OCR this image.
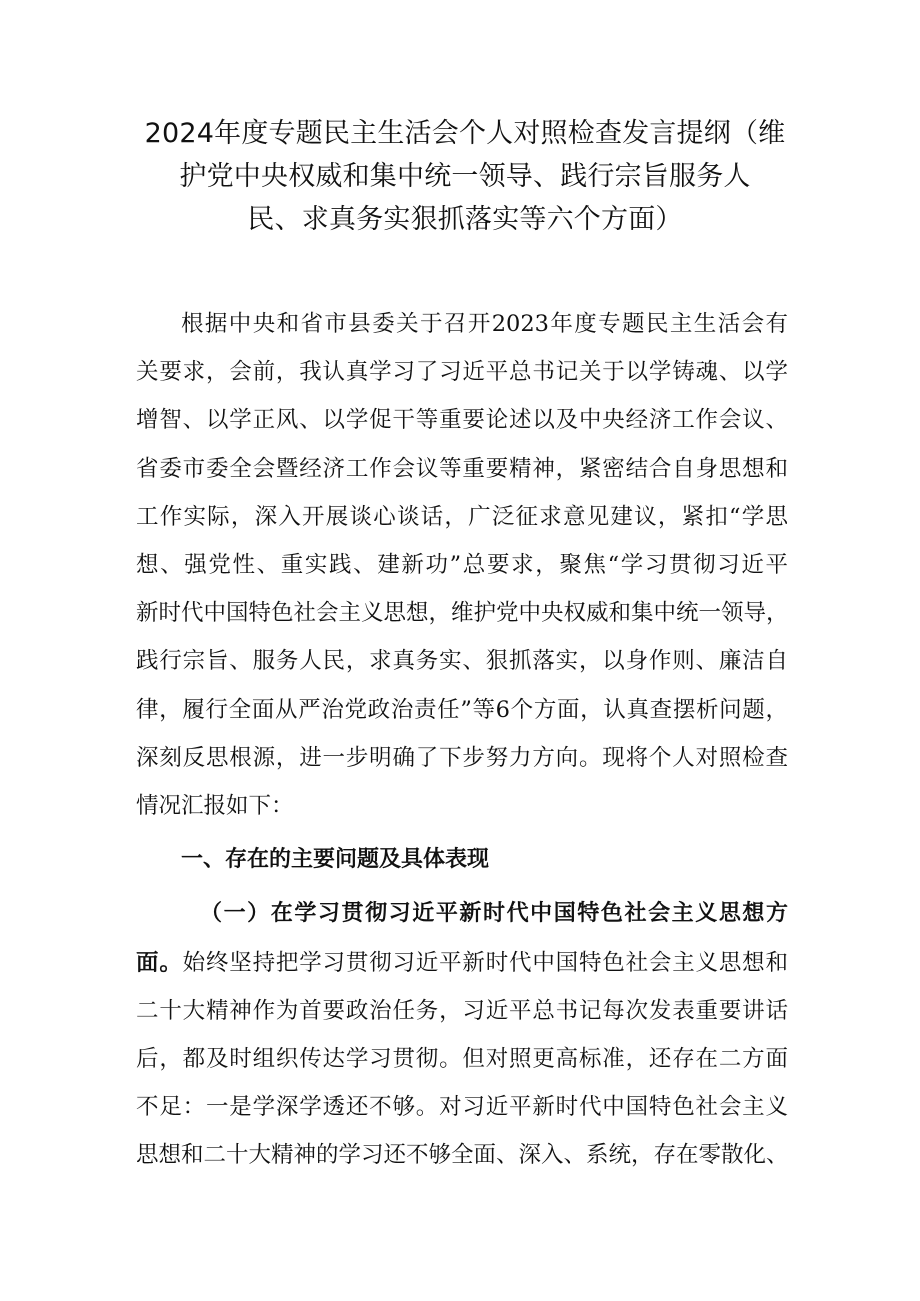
2024年度专题民主生活会个人对照检查发言提纲（维
护党中央权威和集中统一领导、践行宗旨服务人
民、求真务实狠抓落实等六个方面）
根据中央和省市县委关于召开2023年度专题民主生活会有
关要求，会前，我认真学习了习近平总书记关于以学铸魂、以学
增智、以学正风、以学促干等重要论述以及中央经济工作会议、
省委市委全会暨经济工作会议等重要精神，紧密结合自身思想和
工作实际，深入开展谈心谈话，广泛征求意见建议，紧扣“学思
想、强党性、重实践、建新功”总要求，聚焦“学习贯彻习近平
新时代中国特色社会主义思想，维护党中央权威和集中统一领导，
践行宗旨、服务人民，求真务实、狠抓落实，以身作则、廉洁自
律，履行全面从严治党政治责任”等6个方面，认真查摆析问题，
深刻反思根源，进一步明确了下步努力方向。现将个人对照检查
情况汇报如下：
一、存在的主要问题及具体表现
（一）在学习贯彻习近平新时代中国特色社会主义思想方
面。始终坚持把学习贯彻习近平新时代中国特色社会主义思想和
二十大精神作为首要政治任务，习近平总书记每次发表重要讲话
后，都及时组织传达学习贯彻。但对照更高标准，还存在二方面
不足：一是学深学透还不够。对习近平新时代中国特色社会主义
思想和二十大精神的学习还不够全面、深入、系统，存在零散化、
